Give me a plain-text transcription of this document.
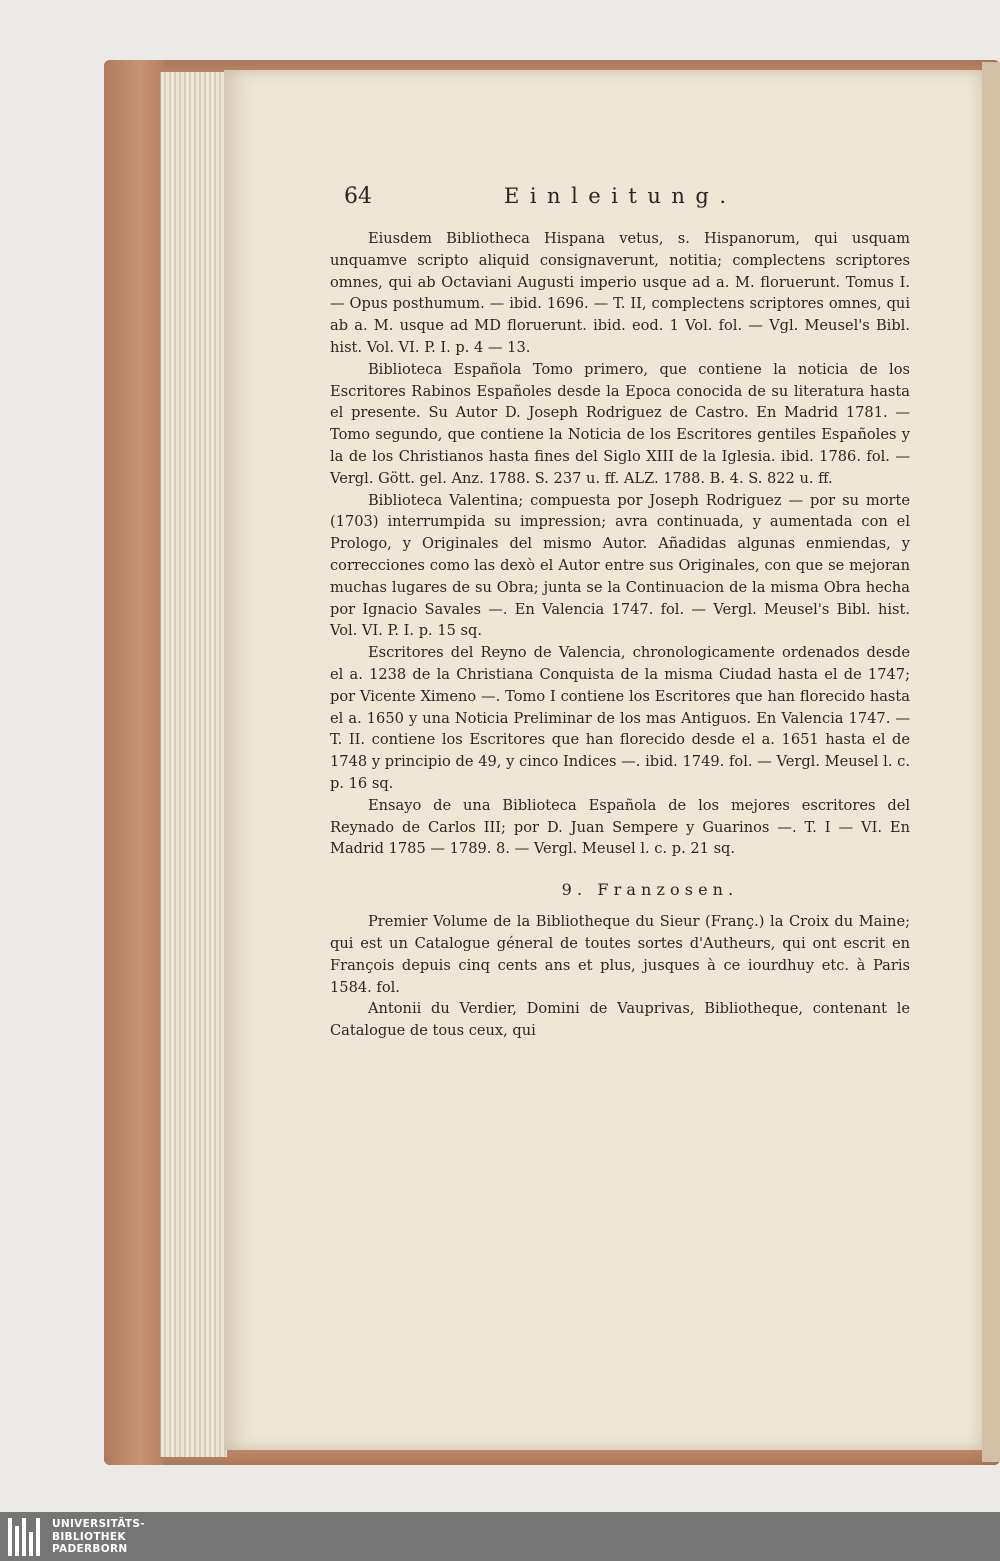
64	Einleitung.

Eiusdem Bibliotheca Hispana vetus, s. Hispanorum, qui usquam unquamve scripto aliquid consignaverunt, notitia; complectens scriptores omnes, qui ab Octaviani Augusti imperio usque ad a. M. floruerunt. Tomus I. — Opus posthumum. — ibid. 1696. — T. II, complectens scriptores omnes, qui ab a. M. usque ad MD floruerunt. ibid. eod. 1 Vol. fol. — Vgl. Meusel's Bibl. hist. Vol. VI. P. I. p. 4 — 13.

Biblioteca Española Tomo primero, que contiene la noticia de los Escritores Rabinos Españoles desde la Epoca conocida de su literatura hasta el presente. Su Autor D. Joseph Rodriguez de Castro. En Madrid 1781. — Tomo segundo, que contiene la Noticia de los Escritores gentiles Españoles y la de los Christianos hasta fines del Siglo XIII de la Iglesia. ibid. 1786. fol. — Vergl. Gött. gel. Anz. 1788. S. 237 u. ff. ALZ. 1788. B. 4. S. 822 u. ff.

Biblioteca Valentina; compuesta por Joseph Rodriguez — por su morte (1703) interrumpida su impression; avra continuada, y aumentada con el Prologo, y Originales del mismo Autor. Añadidas algunas enmiendas, y correcciones como las dexò el Autor entre sus Originales, con que se mejoran muchas lugares de su Obra; junta se la Continuacion de la misma Obra hecha por Ignacio Savales —. En Valencia 1747. fol. — Vergl. Meusel's Bibl. hist. Vol. VI. P. I. p. 15 sq.

Escritores del Reyno de Valencia, chronologicamente ordenados desde el a. 1238 de la Christiana Conquista de la misma Ciudad hasta el de 1747; por Vicente Ximeno —. Tomo I contiene los Escritores que han florecido hasta el a. 1650 y una Noticia Preliminar de los mas Antiguos. En Valencia 1747. — T. II. contiene los Escritores que han florecido desde el a. 1651 hasta el de 1748 y principio de 49, y cinco Indices —. ibid. 1749. fol. — Vergl. Meusel l. c. p. 16 sq.

Ensayo de una Biblioteca Española de los mejores escritores del Reynado de Carlos III; por D. Juan Sempere y Guarinos —. T. I — VI. En Madrid 1785 — 1789. 8. — Vergl. Meusel l. c. p. 21 sq.

9. Franzosen.

Premier Volume de la Bibliotheque du Sieur (Franç.) la Croix du Maine; qui est un Catalogue géneral de toutes sortes d'Autheurs, qui ont escrit en François depuis cinq cents ans et plus, jusques à ce iourdhuy etc. à Paris 1584. fol.

Antonii du Verdier, Domini de Vauprivas, Bibliotheque, contenant le Catalogue de tous ceux, qui

UNIVERSITÄTS-
BIBLIOTHEK
PADERBORN
